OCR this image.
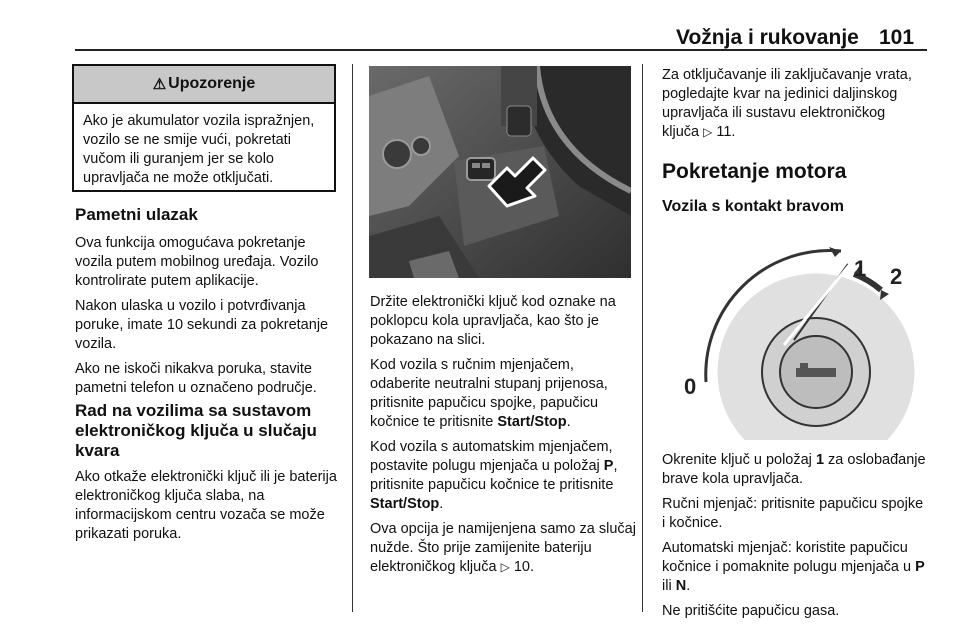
Vožnja i rukovanje 101
⚠ Upozorenje
Ako je akumulator vozila ispražnjen, vozilo se ne smije vući, pokretati vučom ili guranjem jer se kolo upravljača ne može otključati.
Pametni ulazak

Ova funkcija omogućava pokretanje vozila putem mobilnog uređaja. Vozilo kontrolirate putem aplikacije.

Nakon ulaska u vozilo i potvrđivanja poruke, imate 10 sekundi za pokretanje vozila.

Ako ne iskoči nikakva poruka, stavite pametni telefon u označeno područje.

Rad na vozilima sa sustavom elektroničkog ključa u slučaju kvara

Ako otkaže elektronički ključ ili je baterija elektroničkog ključa slaba, na informacijskom centru vozača se može prikazati poruka.

Držite elektronički ključ kod oznake na poklopcu kola upravljača, kao što je pokazano na slici.

Kod vozila s ručnim mjenjačem, odaberite neutralni stupanj prijenosa, pritisnite papučicu spojke, papučicu kočnice te pritisnite Start/Stop.

Kod vozila s automatskim mjenjačem, postavite polugu mjenjača u položaj P, pritisnite papučicu kočnice te pritisnite Start/Stop.

Ova opcija je namijenjena samo za slučaj nužde. Što prije zamijenite bateriju elektroničkog ključa ▷ 10.

Za otključavanje ili zaključavanje vrata, pogledajte kvar na jedinici daljinskog upravljača ili sustavu elektroničkog ključa ▷ 11.

Pokretanje motora
Vozila s kontakt bravom
1 2
0

Okrenite ključ u položaj 1 za oslobađanje brave kola upravljača.

Ručni mjenjač: pritisnite papučicu spojke i kočnice.

Automatski mjenjač: koristite papučicu kočnice i pomaknite polugu mjenjača u P ili N.

Ne pritišćite papučicu gasa.
